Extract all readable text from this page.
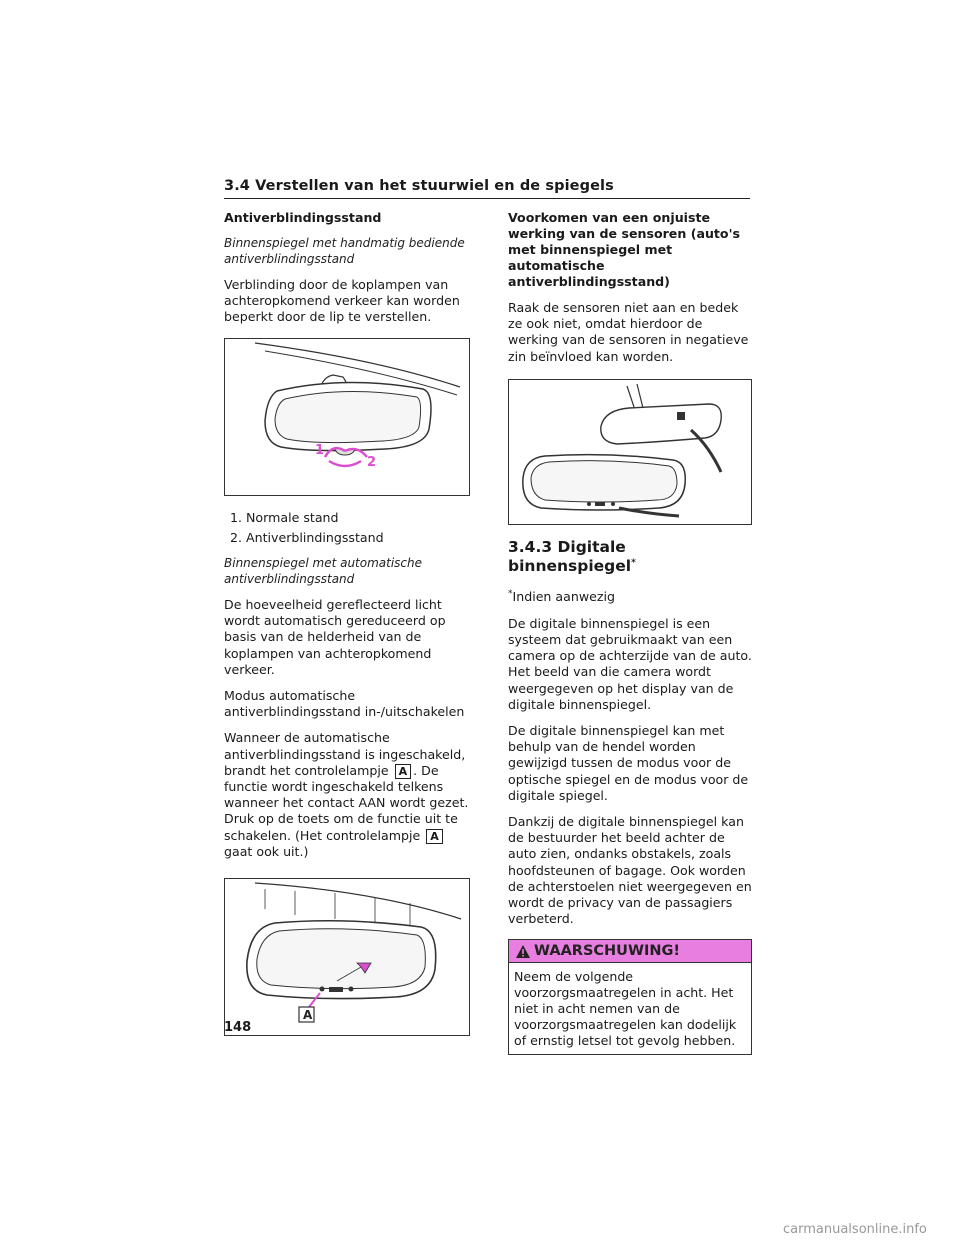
3.4 Verstellen van het stuurwiel en de spiegels
Antiverblindingsstand
Binnenspiegel met handmatig bediende antiverblindingsstand

Verblinding door de koplampen van achteropkomend verkeer kan worden beperkt door de lip te verstellen.

1
2
1. Normale stand
2. Antiverblindingsstand
Binnenspiegel met automatische antiverblindingsstand

De hoeveelheid gereflecteerd licht wordt automatisch gereduceerd op basis van de helderheid van de koplampen van achteropkomend verkeer.

Modus automatische antiverblindingsstand in-/uitschakelen

Wanneer de automatische antiverblindingsstand is ingeschakeld, brandt het controlelampje A . De functie wordt ingeschakeld telkens wanneer het contact AAN wordt gezet. Druk op de toets om de functie uit te schakelen. (Het controlelampje A gaat ook uit.)

A
Voorkomen van een onjuiste werking van de sensoren (auto's met binnenspiegel met automatische antiverblindingsstand)

Raak de sensoren niet aan en bedek ze ook niet, omdat hierdoor de werking van de sensoren in negatieve zin beïnvloed kan worden.

3.4.3 Digitale binnenspiegel*

*Indien aanwezig

De digitale binnenspiegel is een systeem dat gebruikmaakt van een camera op de achterzijde van de auto. Het beeld van die camera wordt weergegeven op het display van de digitale binnenspiegel.

De digitale binnenspiegel kan met behulp van de hendel worden gewijzigd tussen de modus voor de optische spiegel en de modus voor de digitale spiegel.

Dankzij de digitale binnenspiegel kan de bestuurder het beeld achter de auto zien, ondanks obstakels, zoals hoofdsteunen of bagage. Ook worden de achterstoelen niet weergegeven en wordt de privacy van de passagiers verbeterd.

WAARSCHUWING!
Neem de volgende voorzorgsmaatregelen in acht. Het niet in acht nemen van de voorzorgsmaatregelen kan dodelijk of ernstig letsel tot gevolg hebben.
148
carmanualsonline.info
